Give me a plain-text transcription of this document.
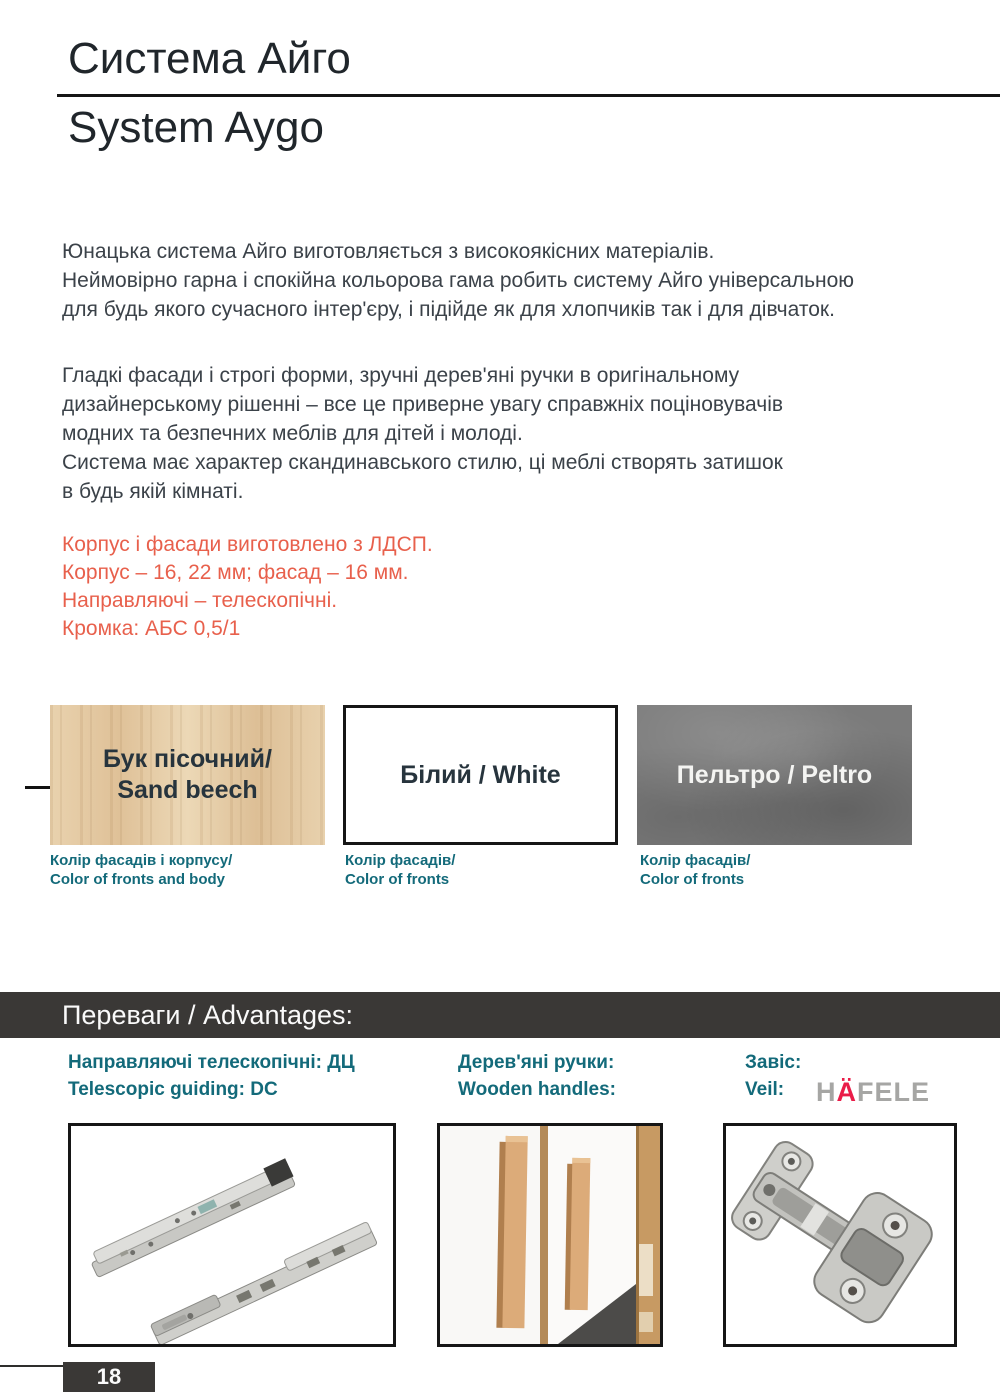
Система Айго
System Aygo
Юнацька система Айго виготовляється з високоякісних матеріалів.
Неймовірно гарна і спокійна кольорова гама робить систему Айго універсальною
для будь якого сучасного інтер'єру, і підійде як для хлопчиків так і для дівчаток.
Гладкі фасади і строгі форми, зручні дерев'яні ручки в оригінальному
дизайнерському рішенні – все це приверне увагу справжніх поціновувачів
модних та безпечних меблів для дітей і молоді.
Система має характер скандинавського стилю, ці меблі створять затишок
в будь якій кімнаті.
Корпус і фасади виготовлено з ЛДСП.
Корпус – 16, 22 мм; фасад – 16 мм.
Направляючі – телескопічні.
Кромка: АБС 0,5/1
Бук пісочний/
Sand beech
Колір фасадів і корпусу/
Color of fronts and body
Білий / White
Колір фасадів/
Color of fronts
Пельтро / Peltro
Колір фасадів/
Color of fronts
Переваги / Advantages:
Направляючі телескопічні: ДЦ
Telescopic guiding: DC
Дерев'яні ручки:
Wooden handles:
Завіс:
Veil:	HÄFELE
18
